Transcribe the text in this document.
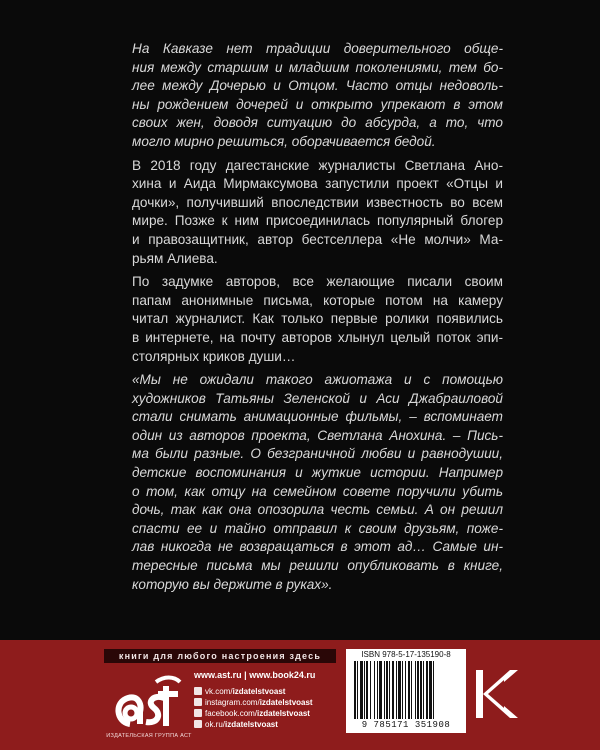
На Кавказе нет традиции доверительного обще-
ния между старшим и младшим поколениями, тем бо-
лее между Дочерью и Отцом. Часто отцы недоволь-
ны рождением дочерей и открыто упрекают в этом
своих жен, доводя ситуацию до абсурда, а то, что
могло мирно решиться, оборачивается бедой.
В 2018 году дагестанские журналисты Светлана Ано-
хина и Аида Мирмаксумова запустили проект «Отцы и
дочки», получивший впоследствии известность во всем
мире. Позже к ним присоединилась популярный блогер
и правозащитник, автор бестселлера «Не молчи» Ма-
рьям Алиева.
По задумке авторов, все желающие писали своим
папам анонимные письма, которые потом на камеру
читал журналист. Как только первые ролики появились
в интернете, на почту авторов хлынул целый поток эпи-
столярных криков души…
«Мы не ожидали такого ажиотажа и с помощью
художников Татьяны Зеленской и Аси Джабраиловой
стали снимать анимационные фильмы, – вспоминает
один из авторов проекта, Светлана Анохина. – Пись-
ма были разные. О безграничной любви и равнодушии,
детские воспоминания и жуткие истории. Например
о том, как отцу на семейном совете поручили убить
дочь, так как она опозорила честь семьи. А он решил
спасти ее и тайно отправил к своим друзьям, поже-
лав никогда не возвращаться в этот ад… Самые ин-
тересные письма мы решили опубликовать в книге,
которую вы держите в руках».
книги для любого настроения здесь
ИЗДАТЕЛЬСКАЯ ГРУППА АСТ
www.ast.ru | www.book24.ru
vk.com/ izdatelstvoast
instagram.com/ izdatelstvoast
facebook.com/ izdatelstvoast
ok.ru/ izdatelstvoast
ISBN 978-5-17-135190-8
9 785171 351908
